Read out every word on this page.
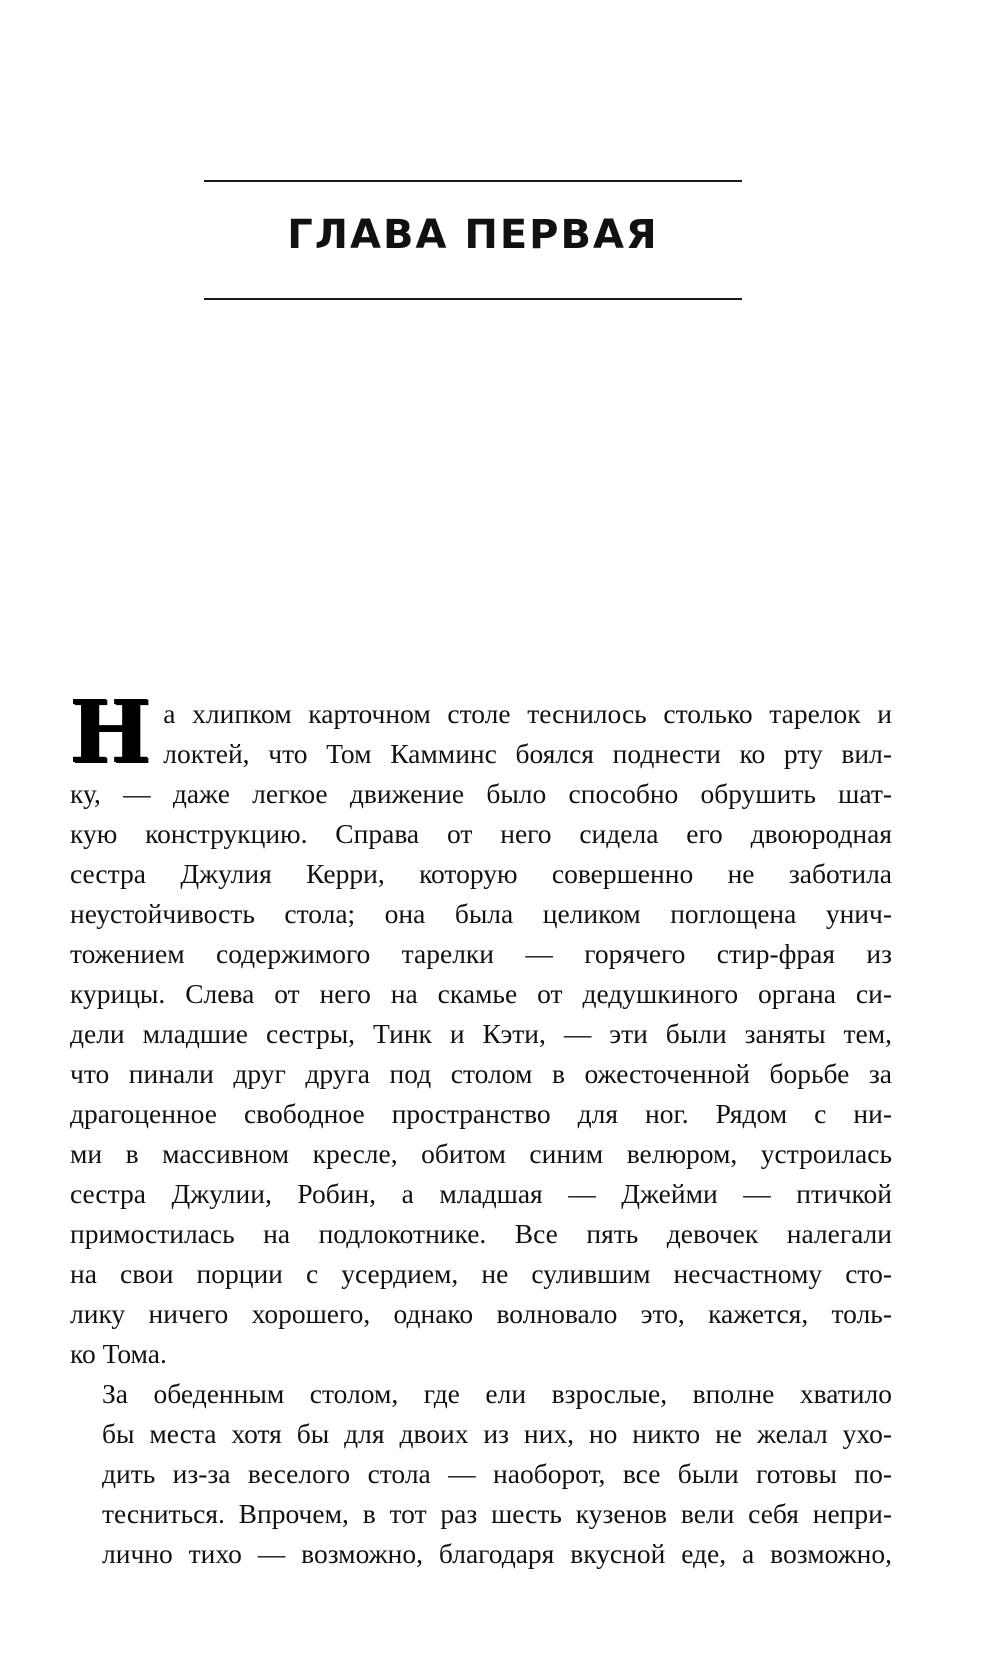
ГЛАВА ПЕРВАЯ

Н а хлипком карточном столе теснилось столько тарелок и
локтей, что Том Камминс боялся поднести ко рту вил-
ку, — даже легкое движение было способно обрушить шат-
кую конструкцию. Справа от него сидела его двоюродная
сестра Джулия Керри, которую совершенно не заботила
неустойчивость стола; она была целиком поглощена унич-
тожением содержимого тарелки — горячего стир-фрая из
курицы. Слева от него на скамье от дедушкиного органа си-
дели младшие сестры, Тинк и Кэти, — эти были заняты тем,
что пинали друг друга под столом в ожесточенной борьбе за
драгоценное свободное пространство для ног. Рядом с ни-
ми в массивном кресле, обитом синим велюром, устроилась
сестра Джулии, Робин, а младшая — Джейми — птичкой
примостилась на подлокотнике. Все пять девочек налегали
на свои порции с усердием, не сулившим несчастному сто-
лику ничего хорошего, однако волновало это, кажется, толь-
ко Тома.

За обеденным столом, где ели взрослые, вполне хватило
бы места хотя бы для двоих из них, но никто не желал ухо-
дить из-за веселого стола — наоборот, все были готовы по-
тесниться. Впрочем, в тот раз шесть кузенов вели себя непри-
лично тихо — возможно, благодаря вкусной еде, а возможно,
